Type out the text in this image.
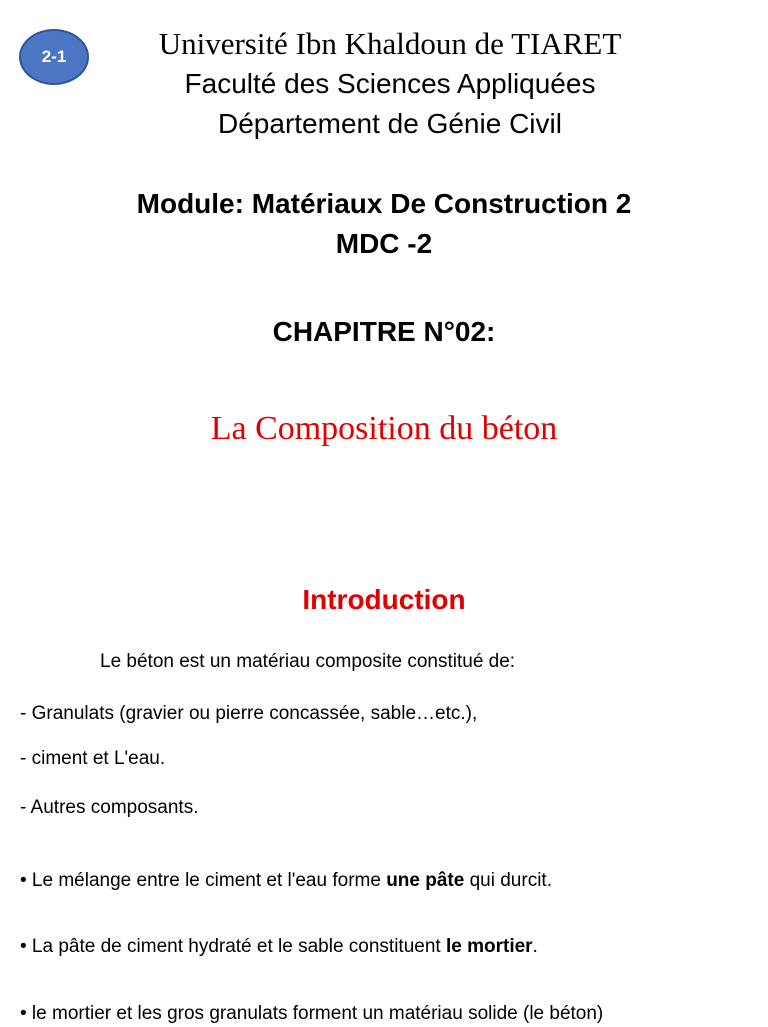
2-1	Université Ibn Khaldoun de TIARET
Faculté des Sciences Appliquées
Département de Génie Civil
Module: Matériaux De Construction 2
MDC -2
CHAPITRE N°02:
La Composition du béton
Introduction
Le béton est un matériau composite constitué de:
- Granulats (gravier ou pierre concassée, sable…etc.),
- ciment et L'eau.
- Autres composants.
• Le mélange entre le ciment et l'eau forme une pâte qui durcit.
• La pâte de ciment hydraté et le sable constituent le mortier.
• le mortier et les gros granulats forment un matériau solide (le béton)
